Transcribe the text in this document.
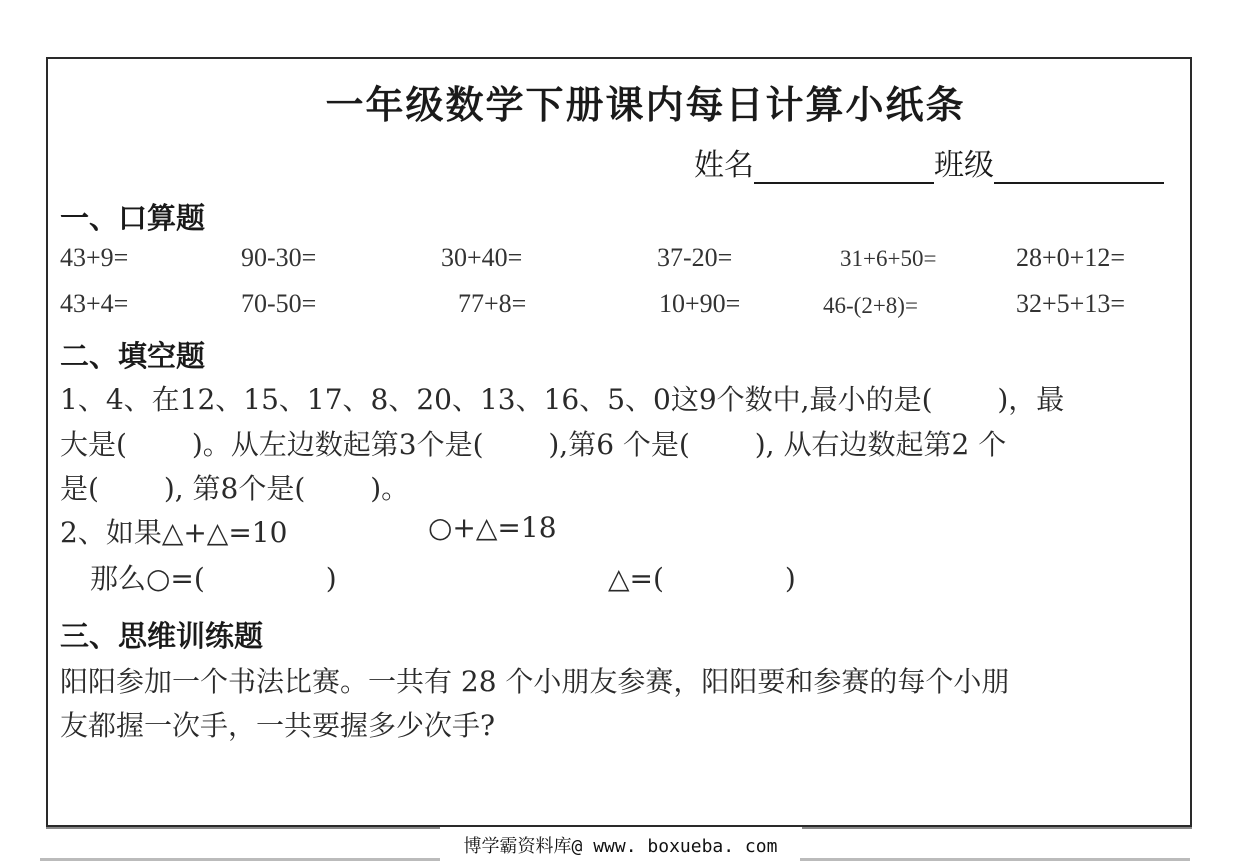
一年级数学下册课内每日计算小纸条
姓名	班级
一、口算题
43+9=	90-30=	30+40=	37-20=	31+6+50=	28+0+12=
43+4=	70-50=	77+8=	10+90=	46-(2+8)=	32+5+13=
二、填空题
1、4、在12、15、17、8、20、13、16、5、0这9个数中,最小的是(　　 )，最
大是(　　 )。从左边数起第3个是(　　 ),第6 个是(　　 ), 从右边数起第2 个
是(　　 ), 第8个是(　　 )。
2、如果△+△=10	○+△=18
那么○=(　　　　 )	△=(　　　　 )
三、思维训练题
阳阳参加一个书法比赛。一共有 28 个小朋友参赛，阳阳要和参赛的每个小朋
友都握一次手，一共要握多少次手?
博学霸资料库@ www. boxueba. com
